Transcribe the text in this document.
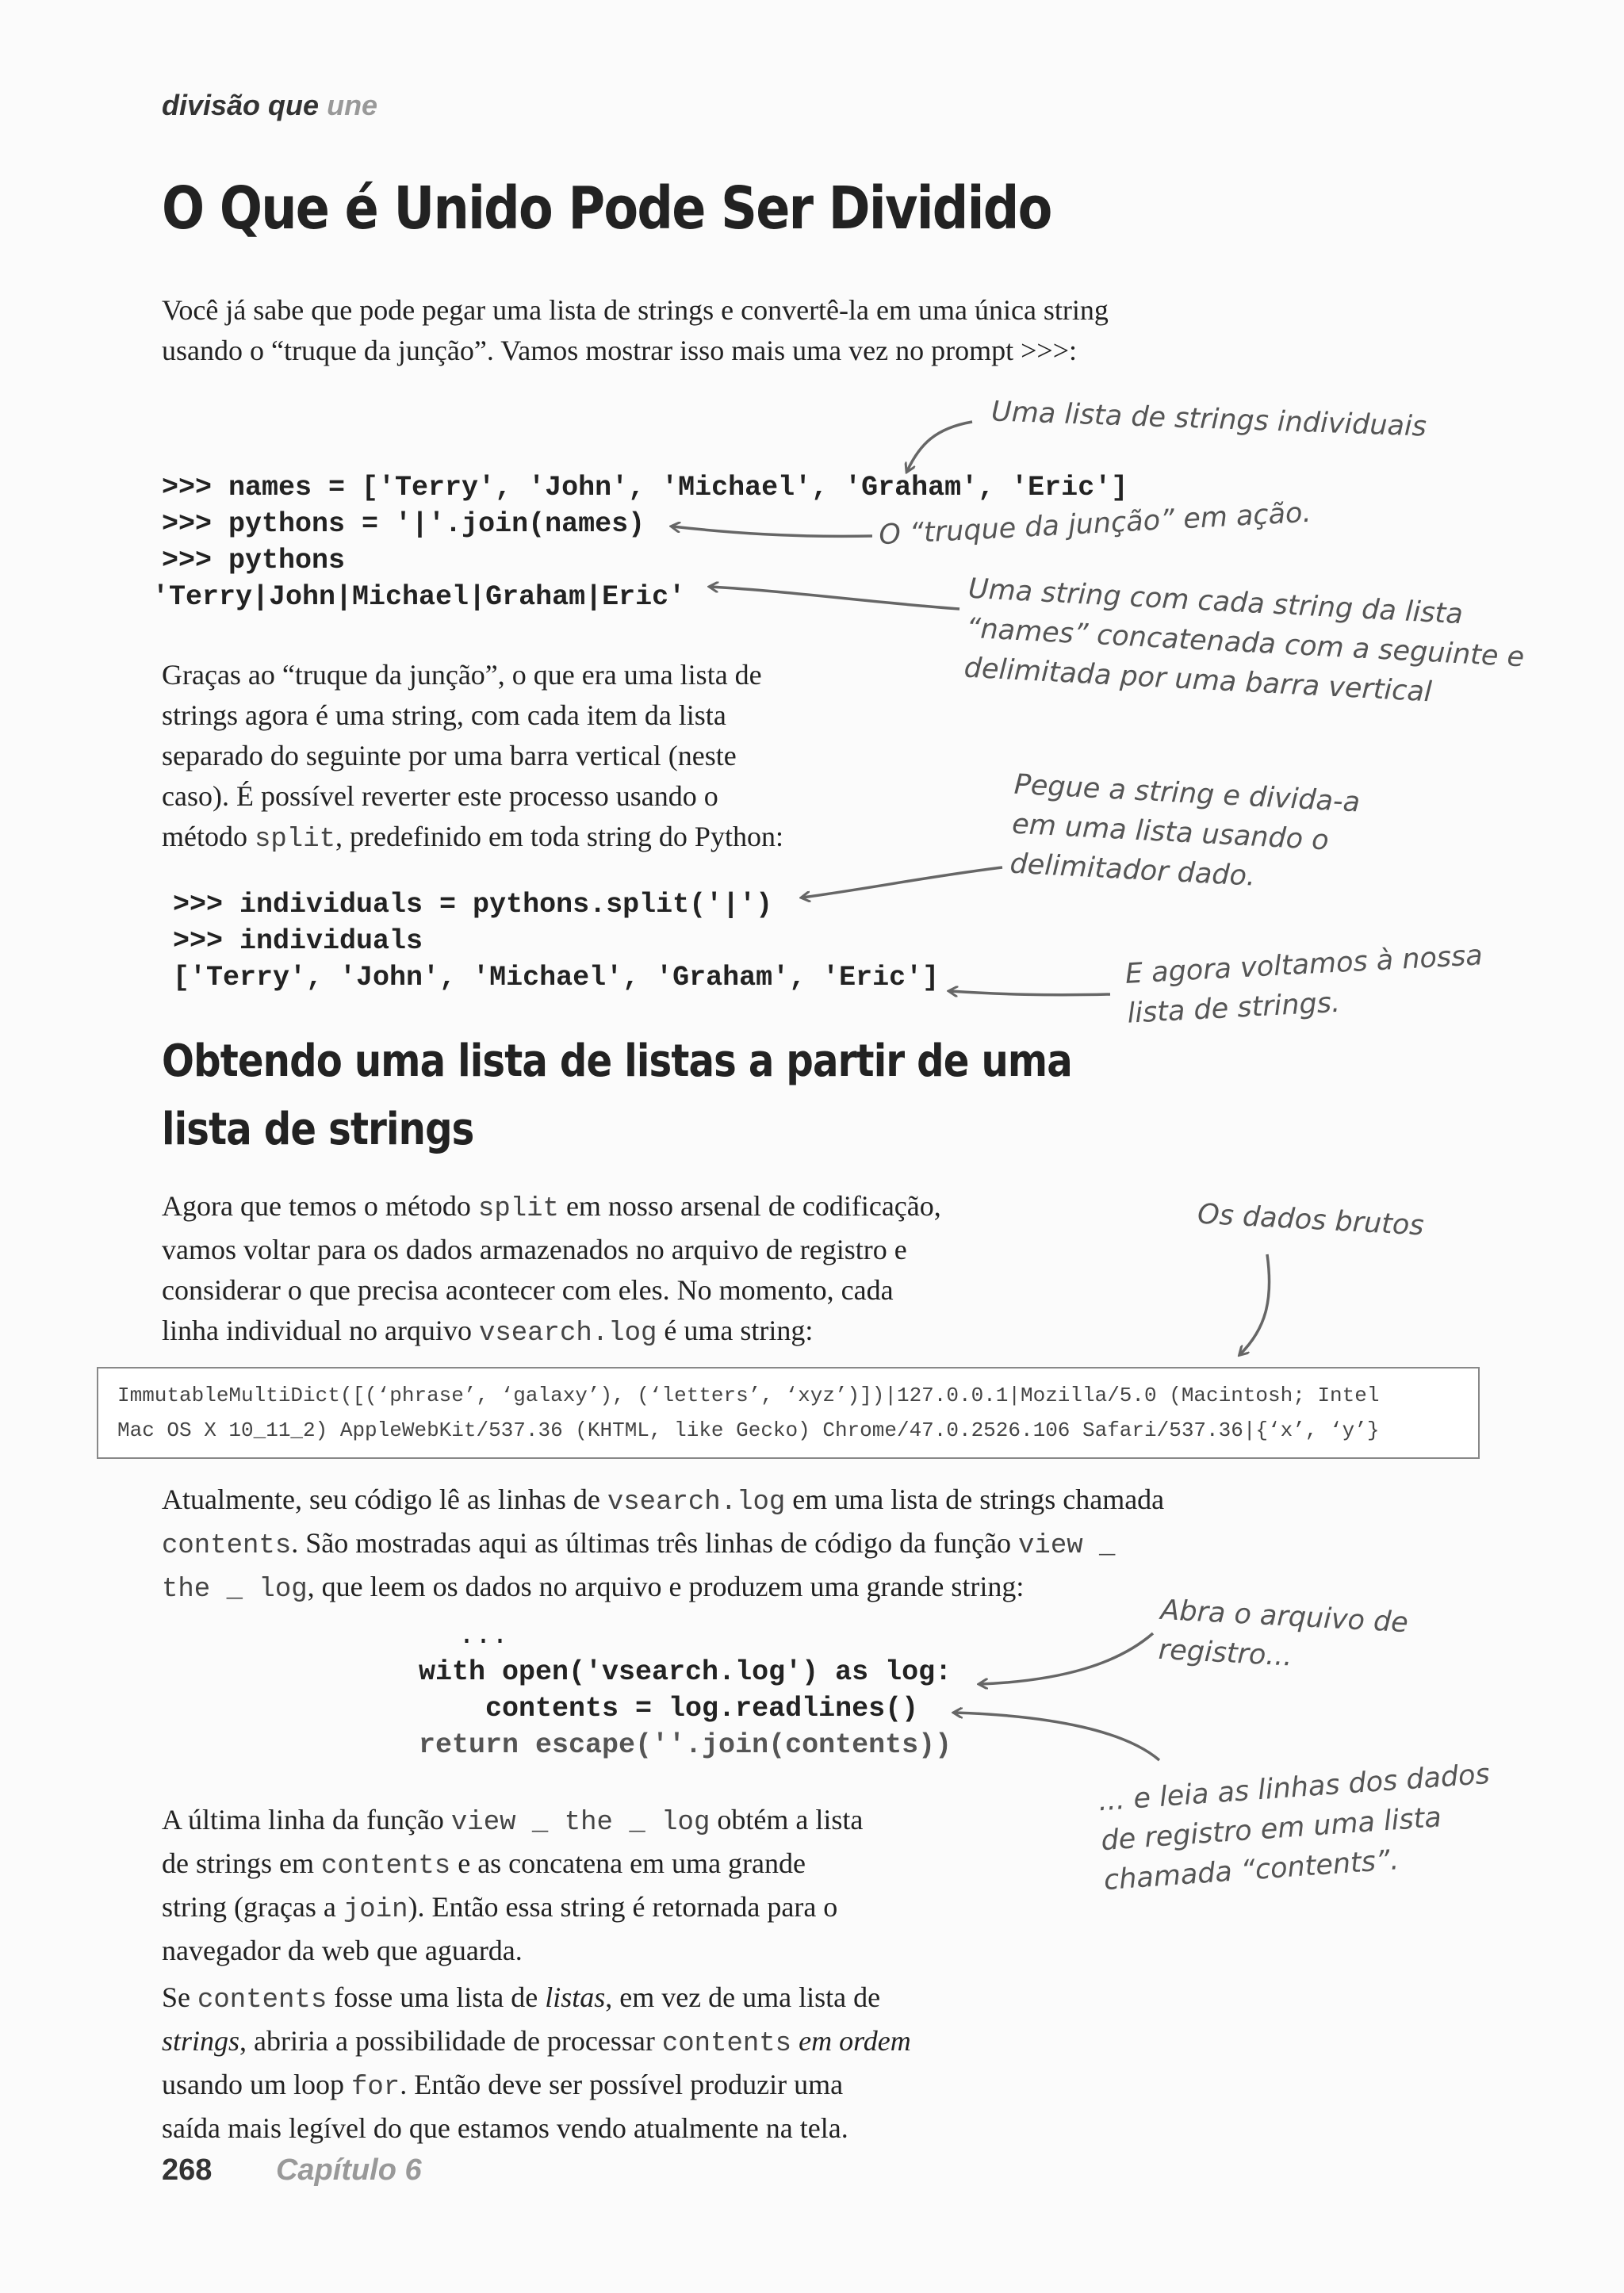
divisão que une
O Que é Unido Pode Ser Dividido
Você já sabe que pode pegar uma lista de strings e convertê-la em uma única string
usando o “truque da junção”. Vamos mostrar isso mais uma vez no prompt >>>:
>>> names = ['Terry', 'John', 'Michael', 'Graham', 'Eric']
>>> pythons = '|'.join(names)
>>> pythons
'Terry|John|Michael|Graham|Eric'
Graças ao “truque da junção”, o que era uma lista de
strings agora é uma string, com cada item da lista
separado do seguinte por uma barra vertical (neste
caso). É possível reverter este processo usando o
método split, predefinido em toda string do Python:
>>> individuals = pythons.split('|')
>>> individuals
['Terry', 'John', 'Michael', 'Graham', 'Eric']
Obtendo uma lista de listas a partir de uma
lista de strings
Agora que temos o método split em nosso arsenal de codificação,
vamos voltar para os dados armazenados no arquivo de registro e
considerar o que precisa acontecer com eles. No momento, cada
linha individual no arquivo vsearch.log é uma string:
ImmutableMultiDict([(‘phrase’, ‘galaxy’), (‘letters’, ‘xyz’)])|127.0.0.1|Mozilla/5.0 (Macintosh; Intel
Mac OS X 10_11_2) AppleWebKit/537.36 (KHTML, like Gecko) Chrome/47.0.2526.106 Safari/537.36|{‘x’, ‘y’}
Atualmente, seu código lê as linhas de vsearch.log em uma lista de strings chamada
contents. São mostradas aqui as últimas três linhas de código da função view _
the _ log, que leem os dados no arquivo e produzem uma grande string:
...
with open('vsearch.log') as log:
contents = log.readlines()
return escape(''.join(contents))
A última linha da função view _ the _ log obtém a lista
de strings em contents e as concatena em uma grande
string (graças a join). Então essa string é retornada para o
navegador da web que aguarda.
Se contents fosse uma lista de listas, em vez de uma lista de
strings, abriria a possibilidade de processar contents em ordem
usando um loop for. Então deve ser possível produzir uma
saída mais legível do que estamos vendo atualmente na tela.
Uma lista de strings individuais
O “truque da junção” em ação.
Uma string com cada string da lista
“names” concatenada com a seguinte e
delimitada por uma barra vertical
Pegue a string e divida-a
em uma lista usando o
delimitador dado.
E agora voltamos à nossa
lista de strings.
Os dados brutos
Abra o arquivo de
registro...
... e leia as linhas dos dados
de registro em uma lista
chamada “contents”.
268 Capítulo 6
